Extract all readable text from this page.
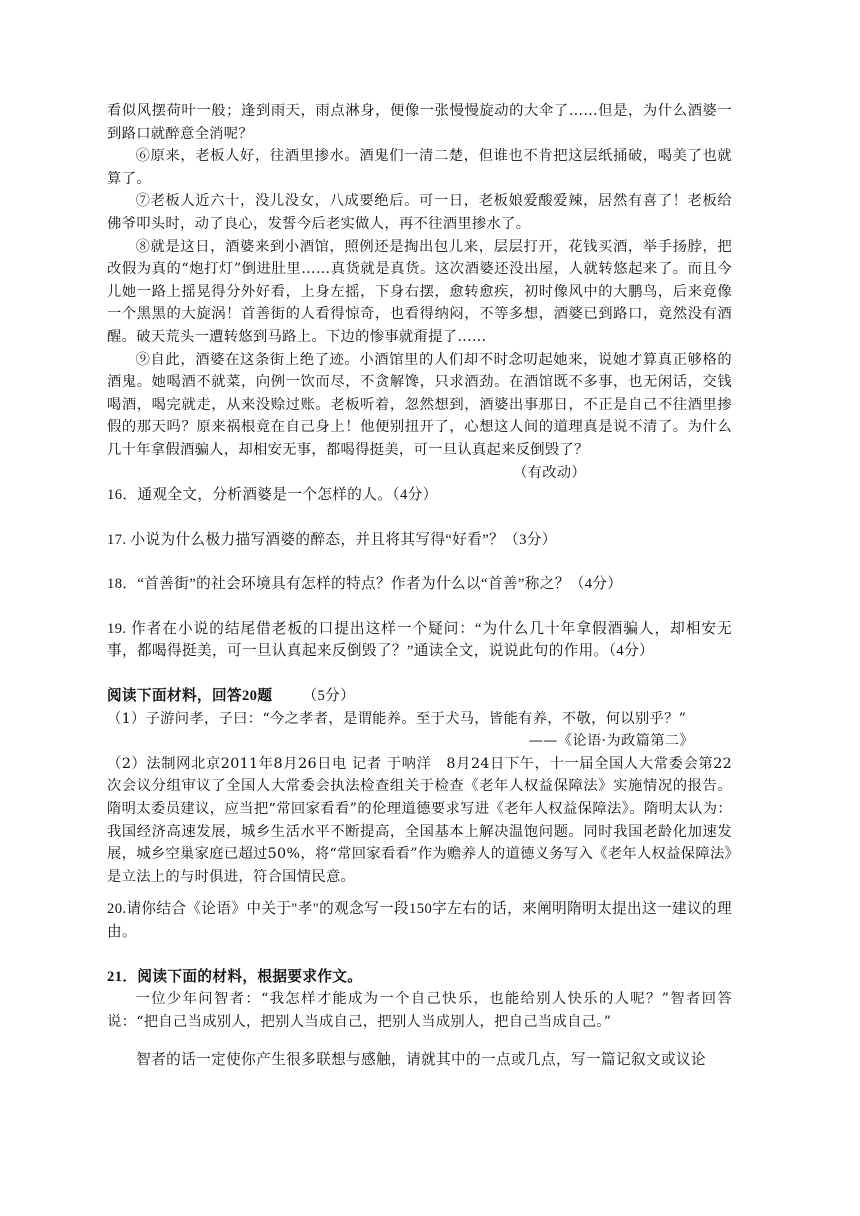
看似风摆荷叶一般；逢到雨天，雨点淋身，便像一张慢慢旋动的大伞了……但是，为什么酒婆一到路口就醉意全消呢？

⑥原来，老板人好，往酒里掺水。酒鬼们一清二楚，但谁也不肯把这层纸捅破，喝美了也就算了。

⑦老板人近六十，没儿没女，八成要绝后。可一日，老板娘爱酸爱辣，居然有喜了！老板给佛爷叩头时，动了良心，发誓今后老实做人，再不往酒里掺水了。

⑧就是这日，酒婆来到小酒馆，照例还是掏出包儿来，层层打开，花钱买酒，举手扬脖，把改假为真的“炮打灯”倒进肚里……真货就是真货。这次酒婆还没出屋，人就转悠起来了。而且今儿她一路上摇晃得分外好看，上身左摇，下身右摆，愈转愈疾，初时像风中的大鹏鸟，后来竟像一个黑黑的大旋涡！首善街的人看得惊奇，也看得纳闷，不等多想，酒婆已到路口，竟然没有酒醒。破天荒头一遭转悠到马路上。下边的惨事就甭提了……

⑨自此，酒婆在这条街上绝了迹。小酒馆里的人们却不时念叨起她来，说她才算真正够格的酒鬼。她喝酒不就菜，向例一饮而尽，不贪解馋，只求酒劲。在酒馆既不多事，也无闲话，交钱喝酒，喝完就走，从来没赊过账。老板听着，忽然想到，酒婆出事那日，不正是自己不往酒里掺假的那天吗？原来祸根竟在自己身上！他便别扭开了，心想这人间的道理真是说不清了。为什么几十年拿假酒骗人，却相安无事，都喝得挺美，可一旦认真起来反倒毁了？

（有改动）

16．通观全文，分析酒婆是一个怎样的人。（4分）

17. 小说为什么极力描写酒婆的醉态，并且将其写得“好看”？（3分）

18．“首善街”的社会环境具有怎样的特点？作者为什么以“首善”称之？（4分）

19. 作者在小说的结尾借老板的口提出这样一个疑问：“为什么几十年拿假酒骗人，却相安无事，都喝得挺美，可一旦认真起来反倒毁了？”通读全文，说说此句的作用。（4分）

阅读下面材料，回答20题 （5分）

（1）子游问孝，子曰：“今之孝者，是谓能养。至于犬马，皆能有养，不敬，何以别乎？”

——《论语·为政篇第二》

（2）法制网北京2011年8月26日电 记者 于呐洋　8月24日下午，十一届全国人大常委会第22次会议分组审议了全国人大常委会执法检查组关于检查《老年人权益保障法》实施情况的报告。隋明太委员建议，应当把“常回家看看”的伦理道德要求写进《老年人权益保障法》。隋明太认为：我国经济高速发展，城乡生活水平不断提高，全国基本上解决温饱问题。同时我国老龄化加速发展，城乡空巢家庭已超过50%，将“常回家看看”作为赡养人的道德义务写入《老年人权益保障法》是立法上的与时俱进，符合国情民意。

20.请你结合《论语》中关于"孝"的观念写一段150字左右的话，来阐明隋明太提出这一建议的理由。

21．阅读下面的材料，根据要求作文。

一位少年问智者：“我怎样才能成为一个自己快乐，也能给别人快乐的人呢？”智者回答说：“把自己当成别人，把别人当成自己，把别人当成别人，把自己当成自己。”

智者的话一定使你产生很多联想与感触，请就其中的一点或几点，写一篇记叙文或议论
